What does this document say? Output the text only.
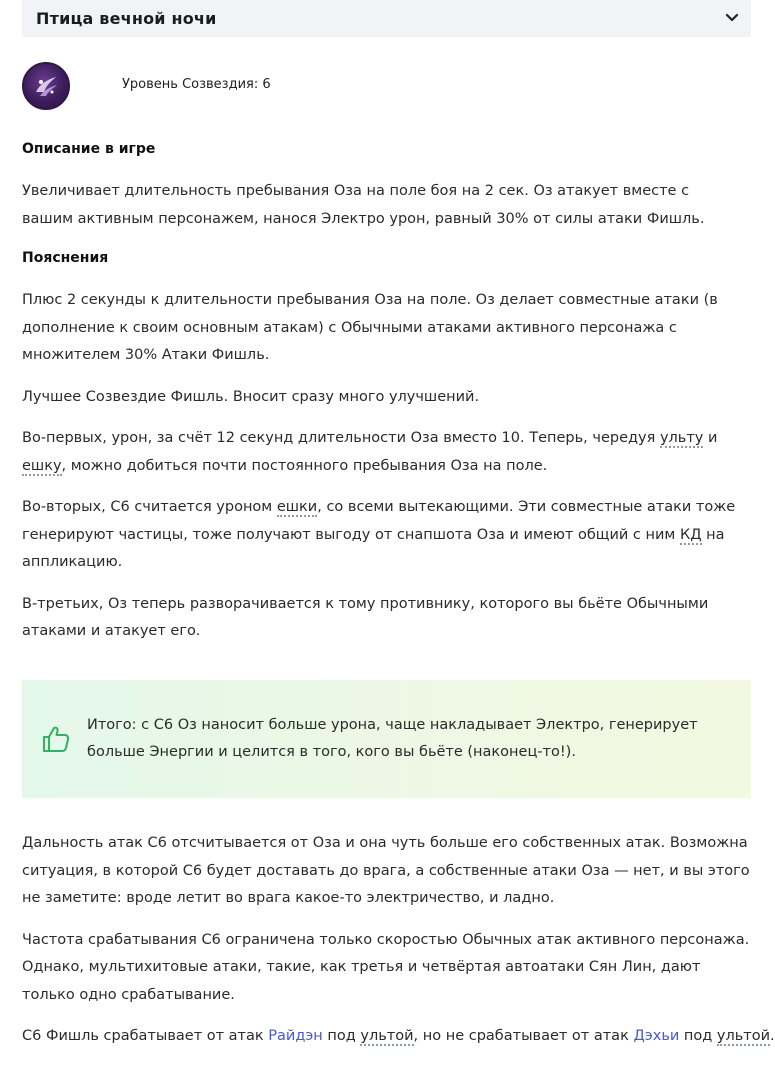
Птица вечной ночи
Уровень Созвездия: 6
Описание в игре

Увеличивает длительность пребывания Оза на поле боя на 2 сек. Оз атакует вместе с вашим активным персонажем, нанося Электро урон, равный 30% от силы атаки Фишль.

Пояснения

Плюс 2 секунды к длительности пребывания Оза на поле. Оз делает совместные атаки (в дополнение к своим основным атакам) с Обычными атаками активного персонажа с множителем 30% Атаки Фишль.

Лучшее Созвездие Фишль. Вносит сразу много улучшений.

Во-первых, урон, за счёт 12 секунд длительности Оза вместо 10. Теперь, чередуя ульту и ешку, можно добиться почти постоянного пребывания Оза на поле.

Во-вторых, С6 считается уроном ешки, со всеми вытекающими. Эти совместные атаки тоже генерируют частицы, тоже получают выгоду от снапшота Оза и имеют общий с ним КД на аппликацию.

В-третьих, Оз теперь разворачивается к тому противнику, которого вы бьёте Обычными атаками и атакует его.

Итого: с С6 Оз наносит больше урона, чаще накладывает Электро, генерирует больше Энергии и целится в того, кого вы бьёте (наконец-то!).

Дальность атак С6 отсчитывается от Оза и она чуть больше его собственных атак. Возможна ситуация, в которой С6 будет доставать до врага, а собственные атаки Оза — нет, и вы этого не заметите: вроде летит во врага какое-то электричество, и ладно.

Частота срабатывания С6 ограничена только скоростью Обычных атак активного персонажа. Однако, мультихитовые атаки, такие, как третья и четвёртая автоатаки Сян Лин, дают только одно срабатывание.

С6 Фишль срабатывает от атак Райдэн под ультой, но не срабатывает от атак Дэхьи под ультой.
